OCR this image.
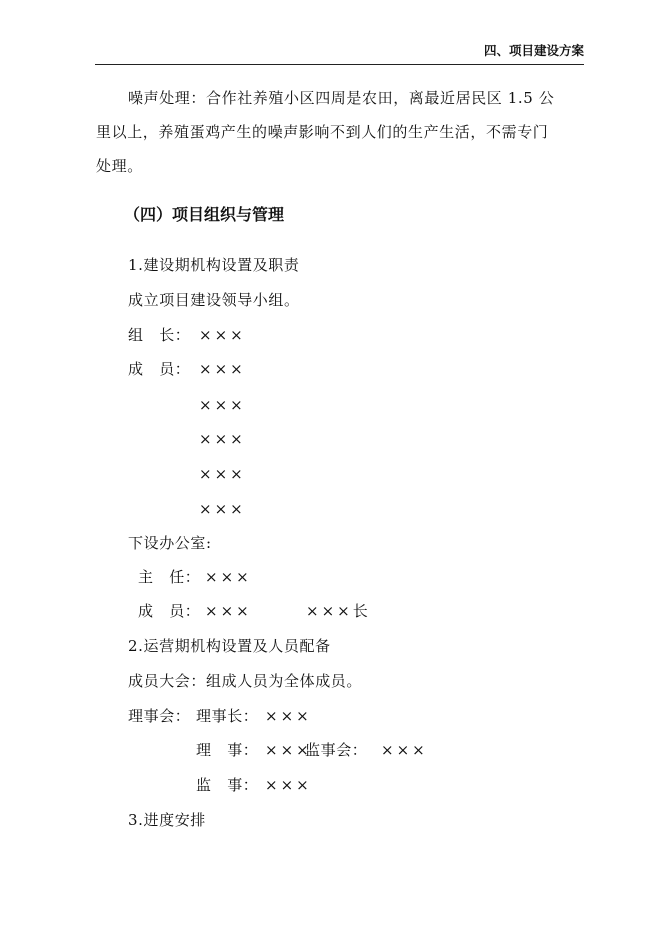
四、项目建设方案
噪声处理：合作社养殖小区四周是农田，离最近居民区 1.5 公
里以上，养殖蛋鸡产生的噪声影响不到人们的生产生活，不需专门
处理。
（四）项目组织与管理
1.建设期机构设置及职责
成立项目建设领导小组。
组　长： ×××
成　员： ×××
×××
×××
×××
×××
下设办公室:
主　任： ×××
成　员： ×××	×××长
2.运营期机构设置及人员配备
成员大会：组成人员为全体成员。
理事会： 理事长： ×××
理　事： ×××
监事会： ×××
监　事： ×××
3.进度安排
